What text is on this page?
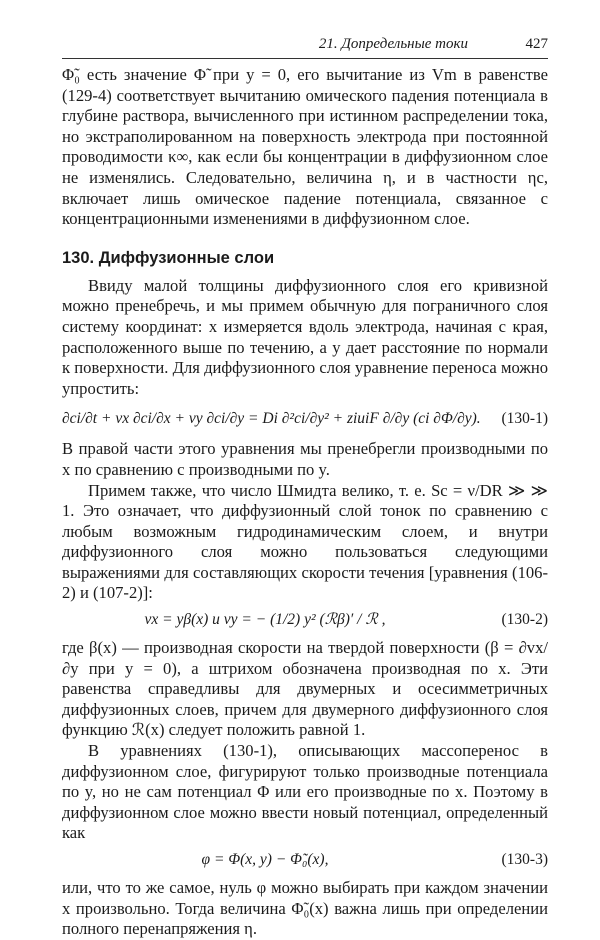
21. Допредельные токи	427

Φ̃₀ есть значение Φ̃ при y = 0, его вычитание из Vm в равенстве (129-4) соответствует вычитанию омического падения потенциала в глубине раствора, вычисленного при истинном распределении тока, но экстраполированном на поверхность электрода при постоянной проводимости κ∞, как если бы концентрации в диффузионном слое не изменялись. Следовательно, величина η, и в частности ηc, включает лишь омическое падение потенциала, связанное с концентрационными изменениями в диффузионном слое.

130. Диффузионные слои

Ввиду малой толщины диффузионного слоя его кривизной можно пренебречь, и мы примем обычную для пограничного слоя систему координат: x измеряется вдоль электрода, начиная с края, расположенного выше по течению, а y дает расстояние по нормали к поверхности. Для диффузионного слоя уравнение переноса можно упростить:

∂ci/∂t + vx ∂ci/∂x + vy ∂ci/∂y = Di ∂²ci/∂y² + ziuiF ∂/∂y (ci ∂Φ/∂y). (130-1)

В правой части этого уравнения мы пренебрегли производными по x по сравнению с производными по y.

Примем также, что число Шмидта велико, т. е. Sc = ν/DR ≫ ≫ 1. Это означает, что диффузионный слой тонок по сравнению с любым возможным гидродинамическим слоем, и внутри диффузионного слоя можно пользоваться следующими выражениями для составляющих скорости течения [уравнения (106-2) и (107-2)]:

vx = yβ(x) и vy = − (1/2) y² (ℛβ)′ / ℛ ,	(130-2)

где β(x) — производная скорости на твердой поверхности (β = ∂vx/∂y при y = 0), а штрихом обозначена производная по x. Эти равенства справедливы для двумерных и осесимметричных диффузионных слоев, причем для двумерного диффузионного слоя функцию ℛ(x) следует положить равной 1.

В уравнениях (130-1), описывающих массоперенос в диффузионном слое, фигурируют только производные потенциала по y, но не сам потенциал Φ или его производные по x. Поэтому в диффузионном слое можно ввести новый потенциал, определенный как

φ = Φ(x, y) − Φ̃₀(x),	(130-3)

или, что то же самое, нуль φ можно выбирать при каждом значении x произвольно. Тогда величина Φ̃₀(x) важна лишь при определении полного перенапряжения η.
